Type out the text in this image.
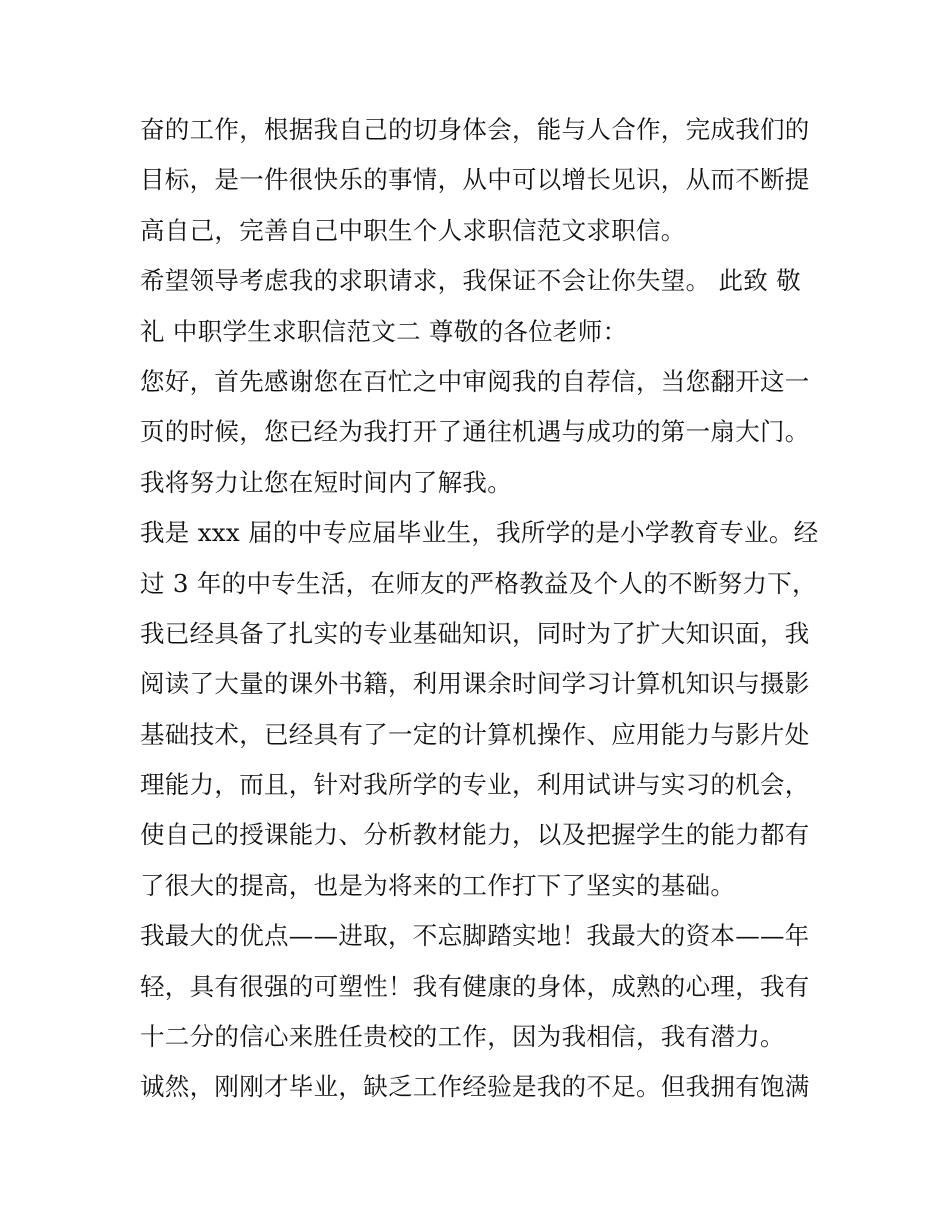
奋的工作，根据我自己的切身体会，能与人合作，完成我们的
目标，是一件很快乐的事情，从中可以增长见识，从而不断提
高自己，完善自己中职生个人求职信范文求职信。
希望领导考虑我的求职请求，我保证不会让你失望。 此致 敬
礼 中职学生求职信范文二 尊敬的各位老师：
您好，首先感谢您在百忙之中审阅我的自荐信，当您翻开这一
页的时候，您已经为我打开了通往机遇与成功的第一扇大门。
我将努力让您在短时间内了解我。
我是 xxx 届的中专应届毕业生，我所学的是小学教育专业。经
过 3 年的中专生活，在师友的严格教益及个人的不断努力下，
我已经具备了扎实的专业基础知识，同时为了扩大知识面，我
阅读了大量的课外书籍，利用课余时间学习计算机知识与摄影
基础技术，已经具有了一定的计算机操作、应用能力与影片处
理能力，而且，针对我所学的专业，利用试讲与实习的机会，
使自己的授课能力、分析教材能力，以及把握学生的能力都有
了很大的提高，也是为将来的工作打下了坚实的基础。
我最大的优点——进取，不忘脚踏实地！我最大的资本——年
轻，具有很强的可塑性！我有健康的身体，成熟的心理，我有
十二分的信心来胜任贵校的工作，因为我相信，我有潜力。
诚然，刚刚才毕业，缺乏工作经验是我的不足。但我拥有饱满
